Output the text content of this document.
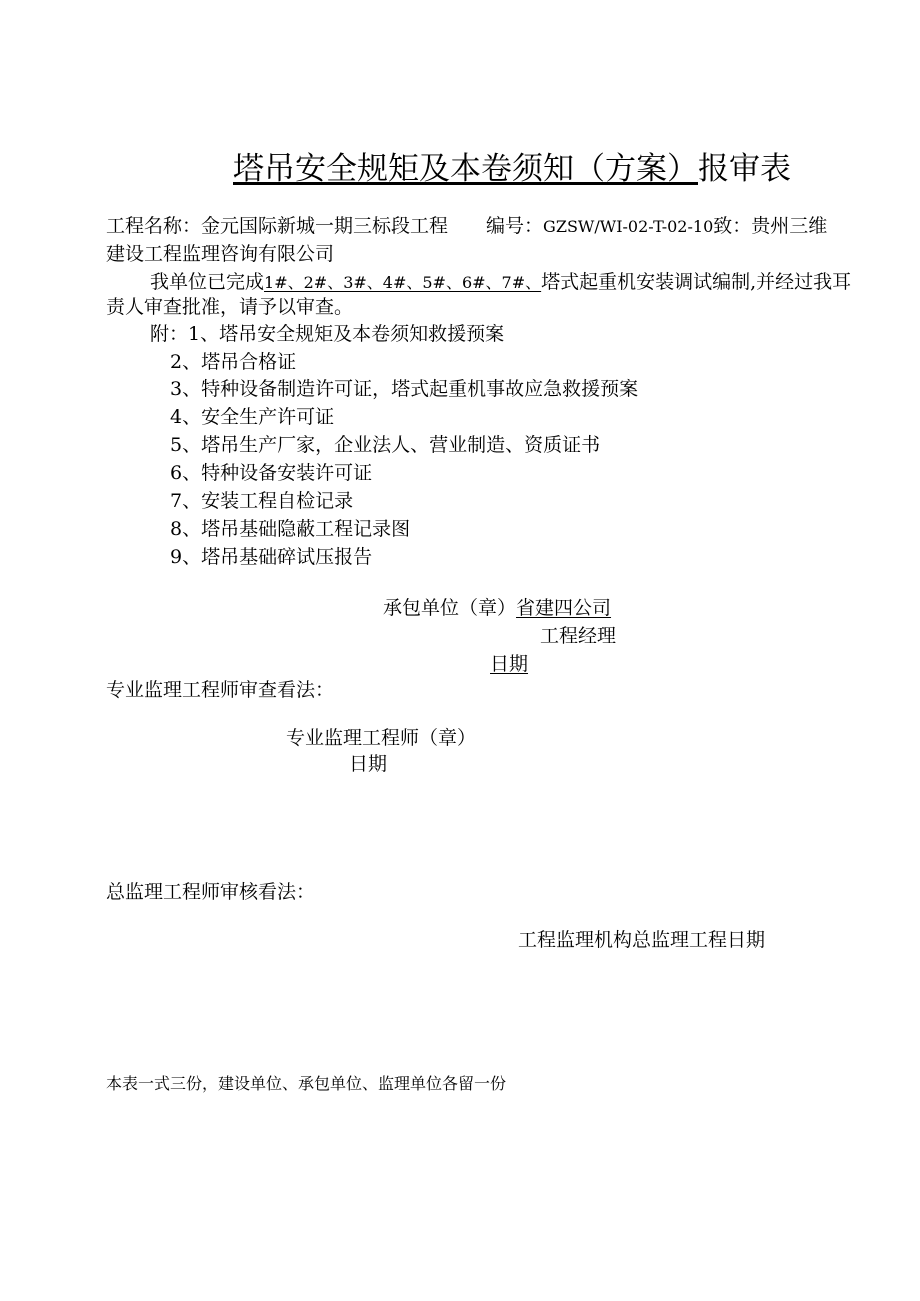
塔吊安全规矩及本卷须知（方案）报审表
工程名称：金元国际新城一期三标段工程 编号：GZSW/WI-02-T-02-10致：贵州三维
建设工程监理咨询有限公司
我单位已完成1#、2#、3#、4#、5#、6#、7#、塔式起重机安装调试编制,并经过我耳
责人审查批准，请予以审查。
附： 1、塔吊安全规矩及本卷须知救援预案
2、塔吊合格证
3、特种设备制造许可证，塔式起重机事故应急救援预案
4、安全生产许可证
5、塔吊生产厂家，企业法人、营业制造、资质证书
6、特种设备安装许可证
7、安装工程自检记录
8、塔吊基础隐蔽工程记录图
9、塔吊基础碎试压报告
承包单位（章）省建四公司
工程经理
日期
专业监理工程师审查看法：
专业监理工程师（章）
日期
总监理工程师审核看法：
工程监理机构总监理工程日期
本表一式三份，建设单位、承包单位、监理单位各留一份
